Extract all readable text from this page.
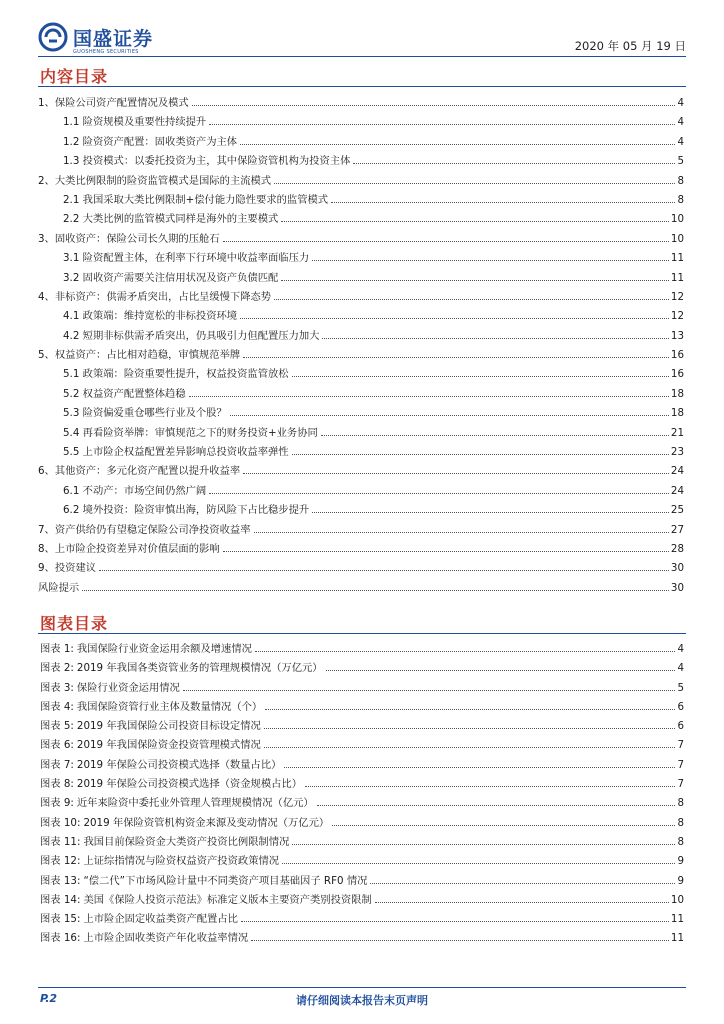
国盛证券
GUOSHENG SECURITIES	2020 年 05 月 19 日
内容目录
1、保险公司资产配置情况及模式	4
1.1 险资规模及重要性持续提升	4
1.2 险资资产配置：固收类资产为主体	4
1.3 投资模式：以委托投资为主，其中保险资管机构为投资主体	5
2、大类比例限制的险资监管模式是国际的主流模式	8
2.1 我国采取大类比例限制+偿付能力隐性要求的监管模式	8
2.2 大类比例的监管模式同样是海外的主要模式	10
3、固收资产：保险公司长久期的压舱石	10
3.1 险资配置主体，在利率下行环境中收益率面临压力	11
3.2 固收资产需要关注信用状况及资产负债匹配	11
4、非标资产：供需矛盾突出，占比呈缓慢下降态势	12
4.1 政策端：维持宽松的非标投资环境	12
4.2 短期非标供需矛盾突出，仍具吸引力但配置压力加大	13
5、权益资产：占比相对趋稳，审慎规范举牌	16
5.1 政策端：险资重要性提升，权益投资监管放松	16
5.2 权益资产配置整体趋稳	18
5.3 险资偏爱重仓哪些行业及个股？	18
5.4 再看险资举牌：审慎规范之下的财务投资+业务协同	21
5.5 上市险企权益配置差异影响总投资收益率弹性	23
6、其他资产：多元化资产配置以提升收益率	24
6.1 不动产：市场空间仍然广阔	24
6.2 境外投资：险资审慎出海，防风险下占比稳步提升	25
7、资产供给仍有望稳定保险公司净投资收益率	27
8、上市险企投资差异对价值层面的影响	28
9、投资建议	30
风险提示	30
图表目录
图表 1: 我国保险行业资金运用余额及增速情况	4
图表 2: 2019 年我国各类资管业务的管理规模情况（万亿元）	4
图表 3: 保险行业资金运用情况	5
图表 4: 我国保险资管行业主体及数量情况（个）	6
图表 5: 2019 年我国保险公司投资目标设定情况	6
图表 6: 2019 年我国保险资金投资管理模式情况	7
图表 7: 2019 年保险公司投资模式选择（数量占比）	7
图表 8: 2019 年保险公司投资模式选择（资金规模占比）	7
图表 9: 近年来险资中委托业外管理人管理规模情况（亿元）	8
图表 10: 2019 年保险资管机构资金来源及变动情况（万亿元）	8
图表 11: 我国目前保险资金大类资产投资比例限制情况	8
图表 12: 上证综指情况与险资权益资产投资政策情况	9
图表 13: “偿二代”下市场风险计量中不同类资产项目基础因子 RF0 情况	9
图表 14: 美国《保险人投资示范法》标准定义版本主要资产类别投资限制	10
图表 15: 上市险企固定收益类资产配置占比	11
图表 16: 上市险企固收类资产年化收益率情况	11
P.2	请仔细阅读本报告末页声明
